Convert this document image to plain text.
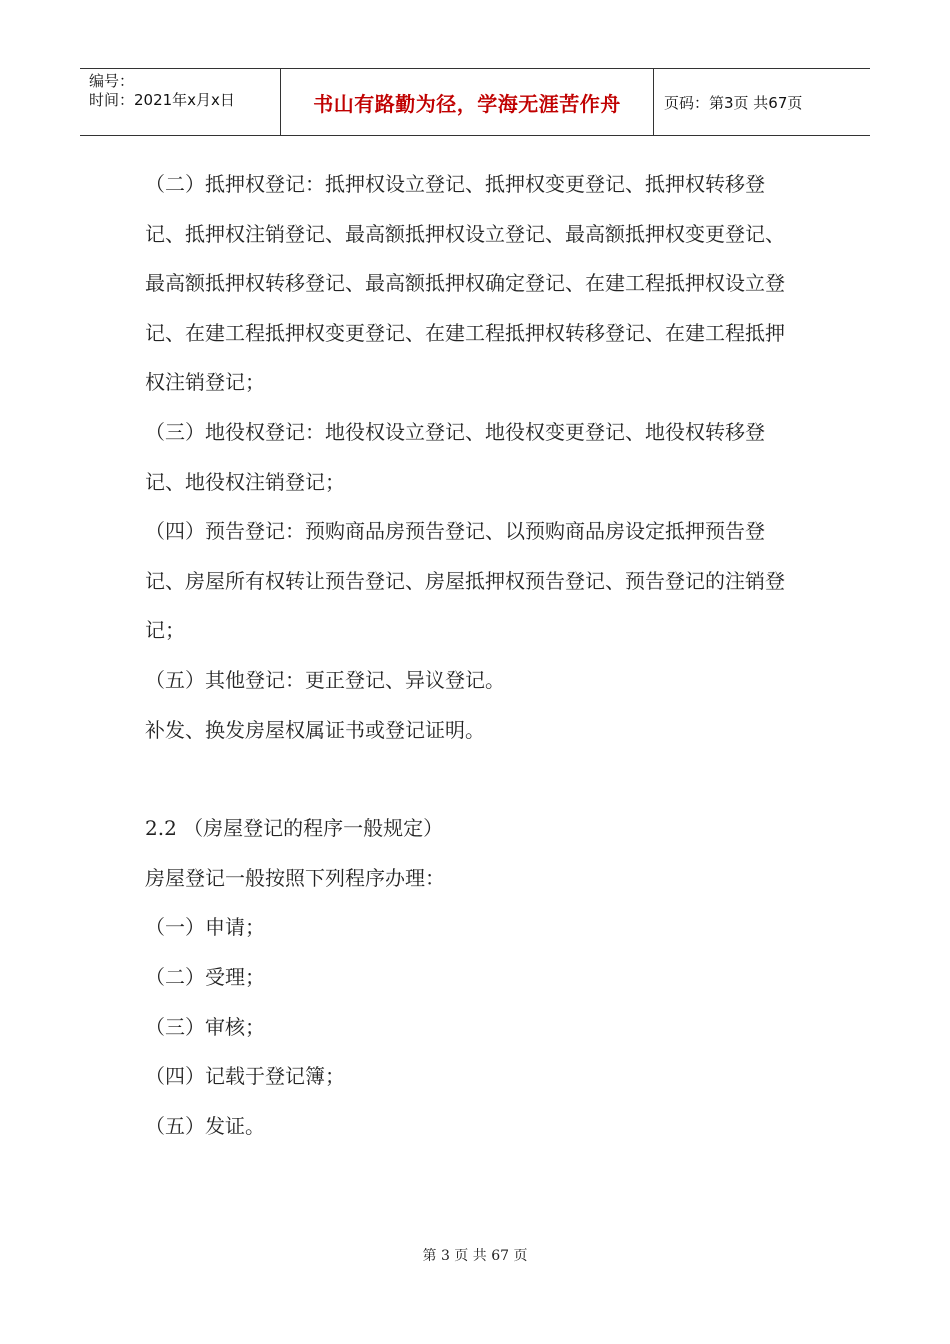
编号：
时间：2021年x月x日	书山有路勤为径，学海无涯苦作舟	页码：第3页 共67页

（二）抵押权登记：抵押权设立登记、抵押权变更登记、抵押权转移登记、抵押权注销登记、最高额抵押权设立登记、最高额抵押权变更登记、最高额抵押权转移登记、最高额抵押权确定登记、在建工程抵押权设立登记、在建工程抵押权变更登记、在建工程抵押权转移登记、在建工程抵押权注销登记；

（三）地役权登记：地役权设立登记、地役权变更登记、地役权转移登记、地役权注销登记；

（四）预告登记：预购商品房预告登记、以预购商品房设定抵押预告登记、房屋所有权转让预告登记、房屋抵押权预告登记、预告登记的注销登记；

（五）其他登记：更正登记、异议登记。

补发、换发房屋权属证书或登记证明。

2.2 （房屋登记的程序一般规定）

房屋登记一般按照下列程序办理：

（一）申请；

（二）受理；

（三）审核；

（四）记载于登记簿；

（五）发证。

第 3 页 共 67 页
